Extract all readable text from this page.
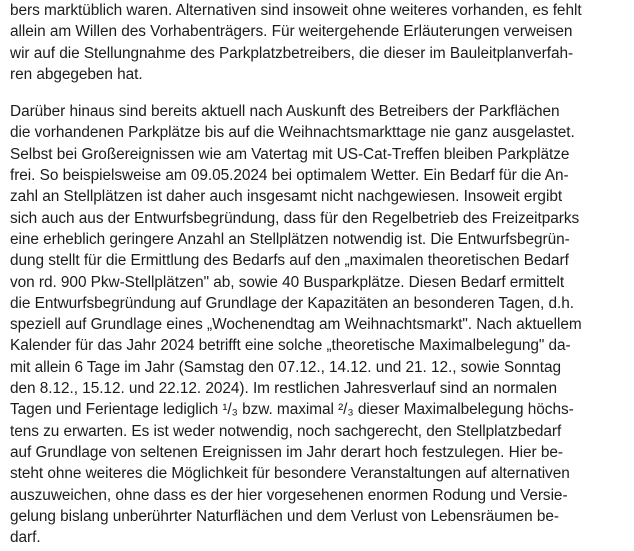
bers marktüblich waren. Alternativen sind insoweit ohne weiteres vorhanden, es fehlt
allein am Willen des Vorhabenträgers. Für weitergehende Erläuterungen verweisen
wir auf die Stellungnahme des Parkplatzbetreibers, die dieser im Bauleitplanverfah-
ren abgegeben hat.
Darüber hinaus sind bereits aktuell nach Auskunft des Betreibers der Parkflächen
die vorhandenen Parkplätze bis auf die Weihnachtsmarkttage nie ganz ausgelastet.
Selbst bei Großereignissen wie am Vatertag mit US-Cat-Treffen bleiben Parkplätze
frei. So beispielsweise am 09.05.2024 bei optimalem Wetter. Ein Bedarf für die An-
zahl an Stellplätzen ist daher auch insgesamt nicht nachgewiesen. Insoweit ergibt
sich auch aus der Entwurfsbegründung, dass für den Regelbetrieb des Freizeitparks
eine erheblich geringere Anzahl an Stellplätzen notwendig ist. Die Entwurfsbegrün-
dung stellt für die Ermittlung des Bedarfs auf den „maximalen theoretischen Bedarf
von rd. 900 Pkw-Stellplätzen" ab, sowie 40 Busparkplätze. Diesen Bedarf ermittelt
die Entwurfsbegründung auf Grundlage der Kapazitäten an besonderen Tagen, d.h.
speziell auf Grundlage eines „Wochenendtag am Weihnachtsmarkt". Nach aktuellem
Kalender für das Jahr 2024 betrifft eine solche „theoretische Maximalbelegung" da-
mit allein 6 Tage im Jahr (Samstag den 07.12., 14.12. und 21. 12., sowie Sonntag
den 8.12., 15.12. und 22.12. 2024). Im restlichen Jahresverlauf sind an normalen
Tagen und Ferientage lediglich ¹/₃ bzw. maximal ²/₃ dieser Maximalbelegung höchs-
tens zu erwarten. Es ist weder notwendig, noch sachgerecht, den Stellplatzbedarf
auf Grundlage von seltenen Ereignissen im Jahr derart hoch festzulegen. Hier be-
steht ohne weiteres die Möglichkeit für besondere Veranstaltungen auf alternativen
auszuweichen, ohne dass es der hier vorgesehenen enormen Rodung und Versie-
gelung bislang unberührter Naturflächen und dem Verlust von Lebensräumen be-
darf.
